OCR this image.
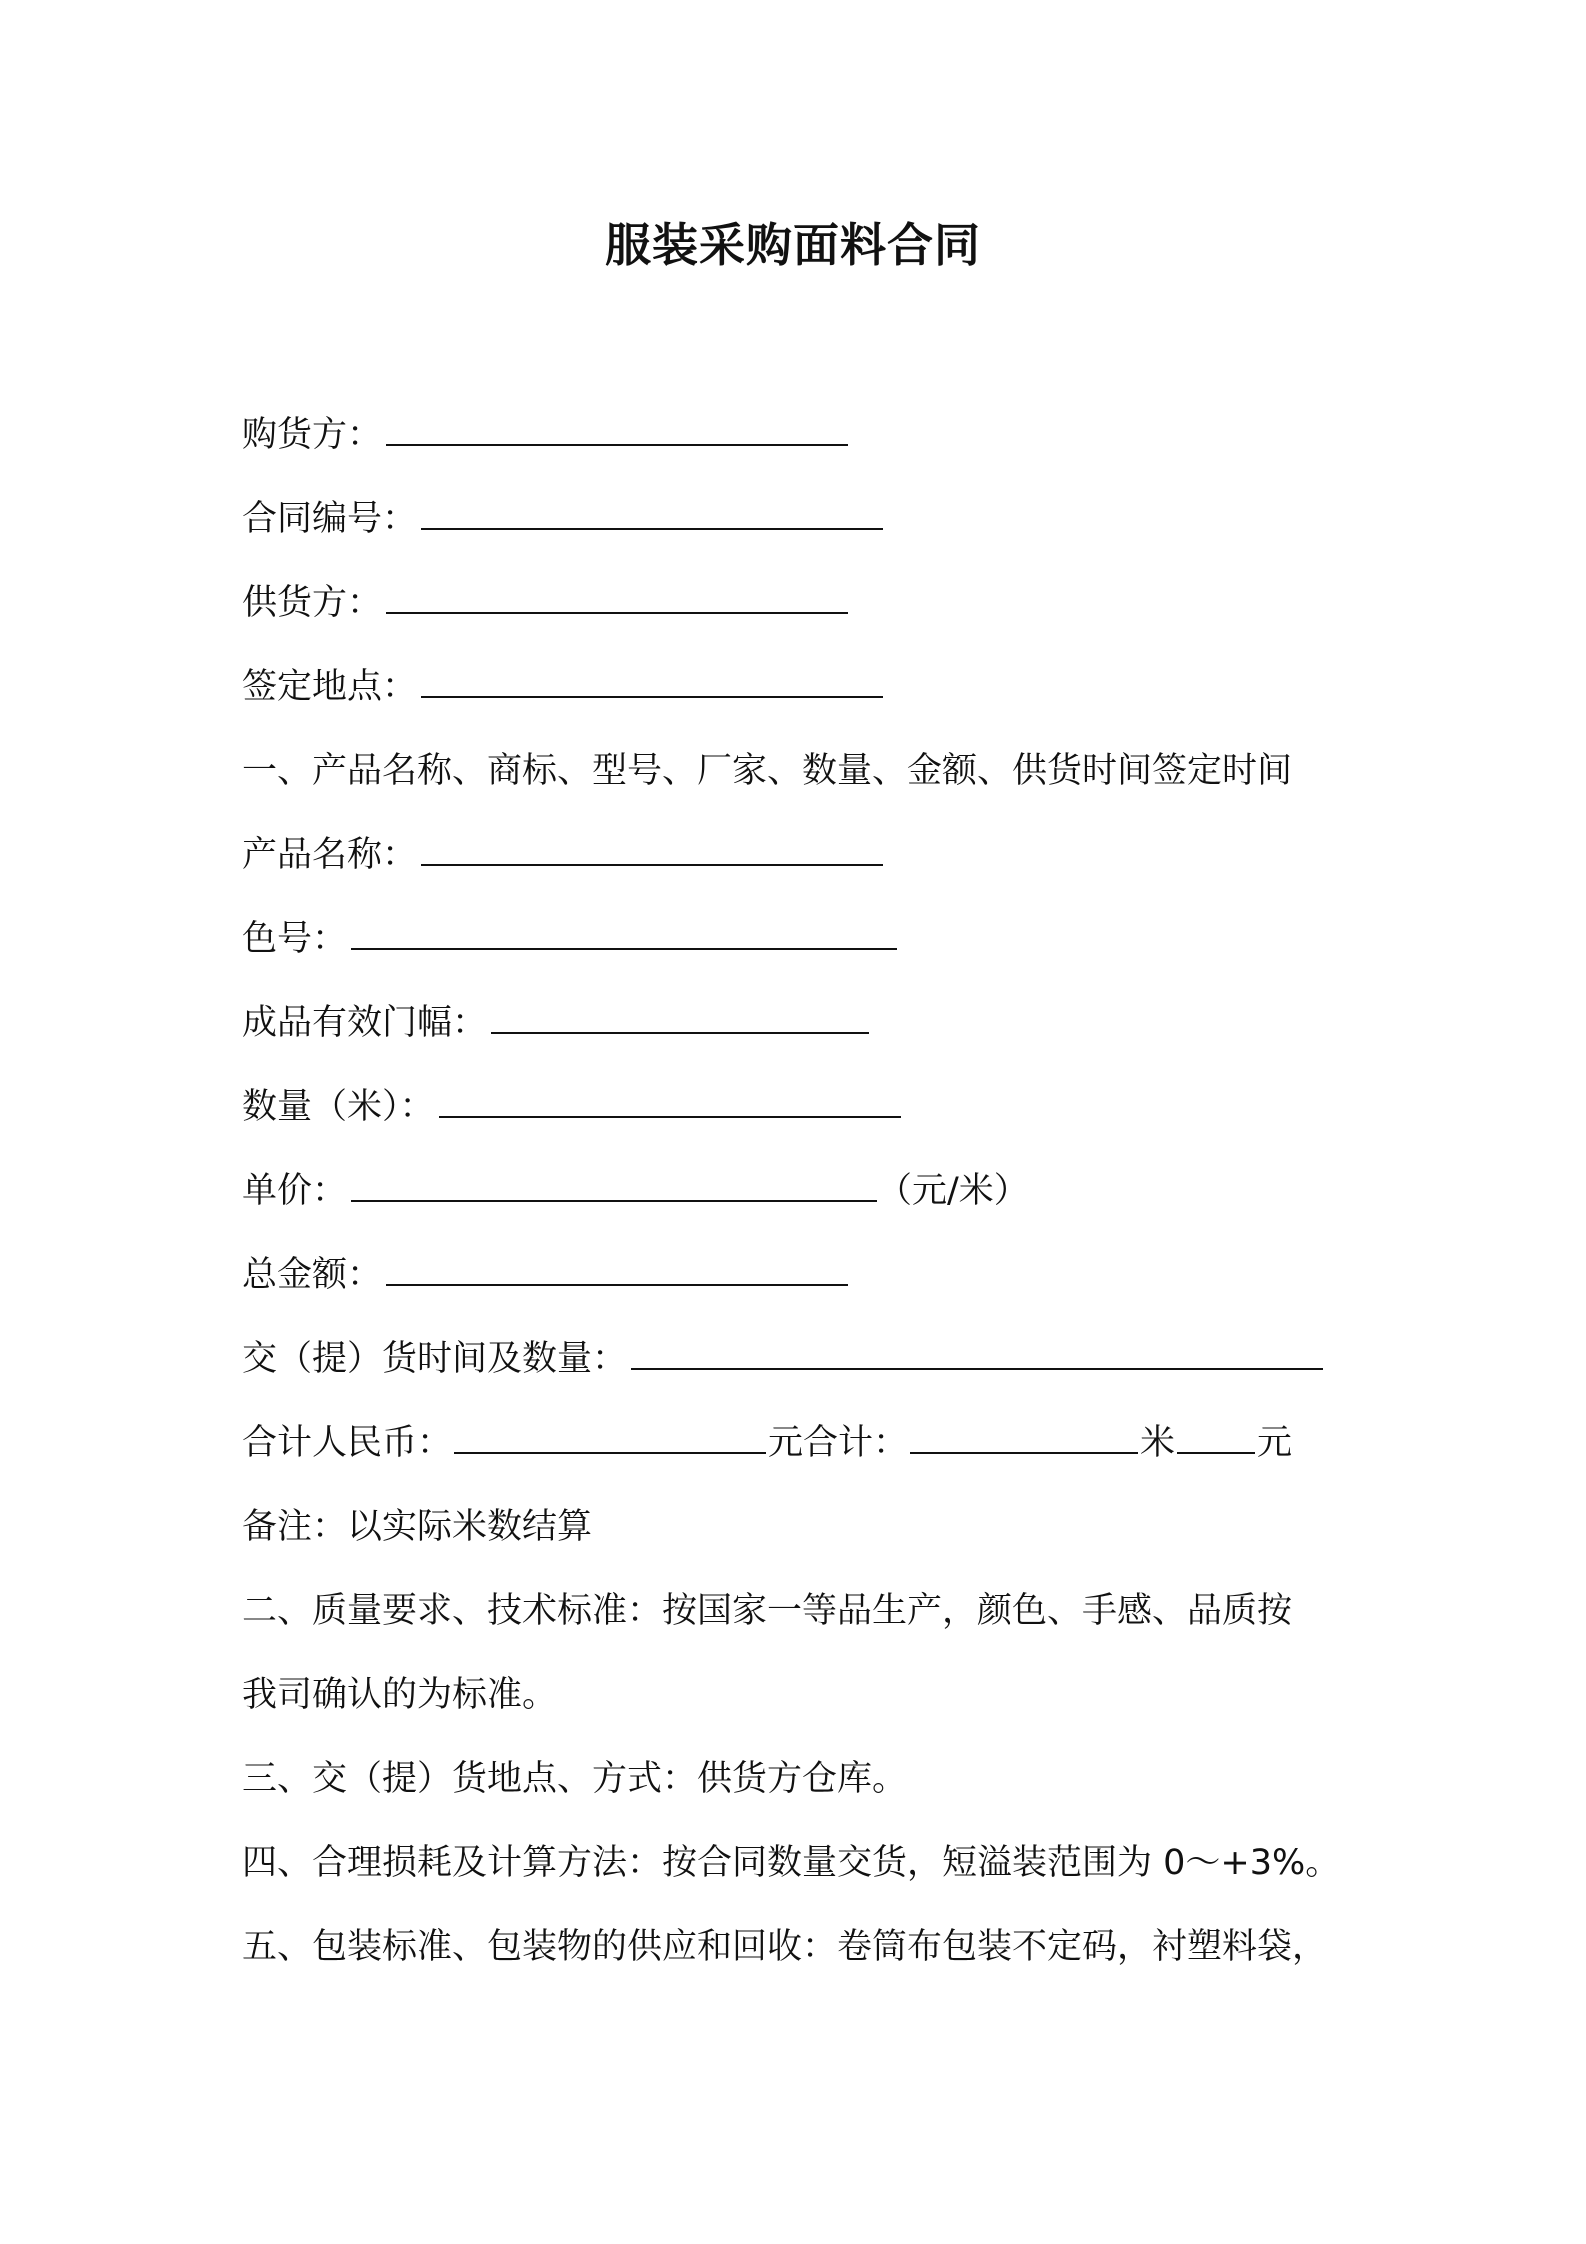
服装采购面料合同
购货方：
合同编号：
供货方：
签定地点：
一、产品名称、商标、型号、厂家、数量、金额、供货时间签定时间
产品名称：
色号：
成品有效门幅：
数量（米）：
单价：	（元/米）
总金额：
交（提）货时间及数量：
合计人民币：	元合计：	米 元
备注：以实际米数结算
二、质量要求、技术标准：按国家一等品生产，颜色、手感、品质按
我司确认的为标准。
三、交（提）货地点、方式：供货方仓库。
四、合理损耗及计算方法：按合同数量交货，短溢装范围为 0～+3%。
五、包装标准、包装物的供应和回收：卷筒布包装不定码，衬塑料袋，
